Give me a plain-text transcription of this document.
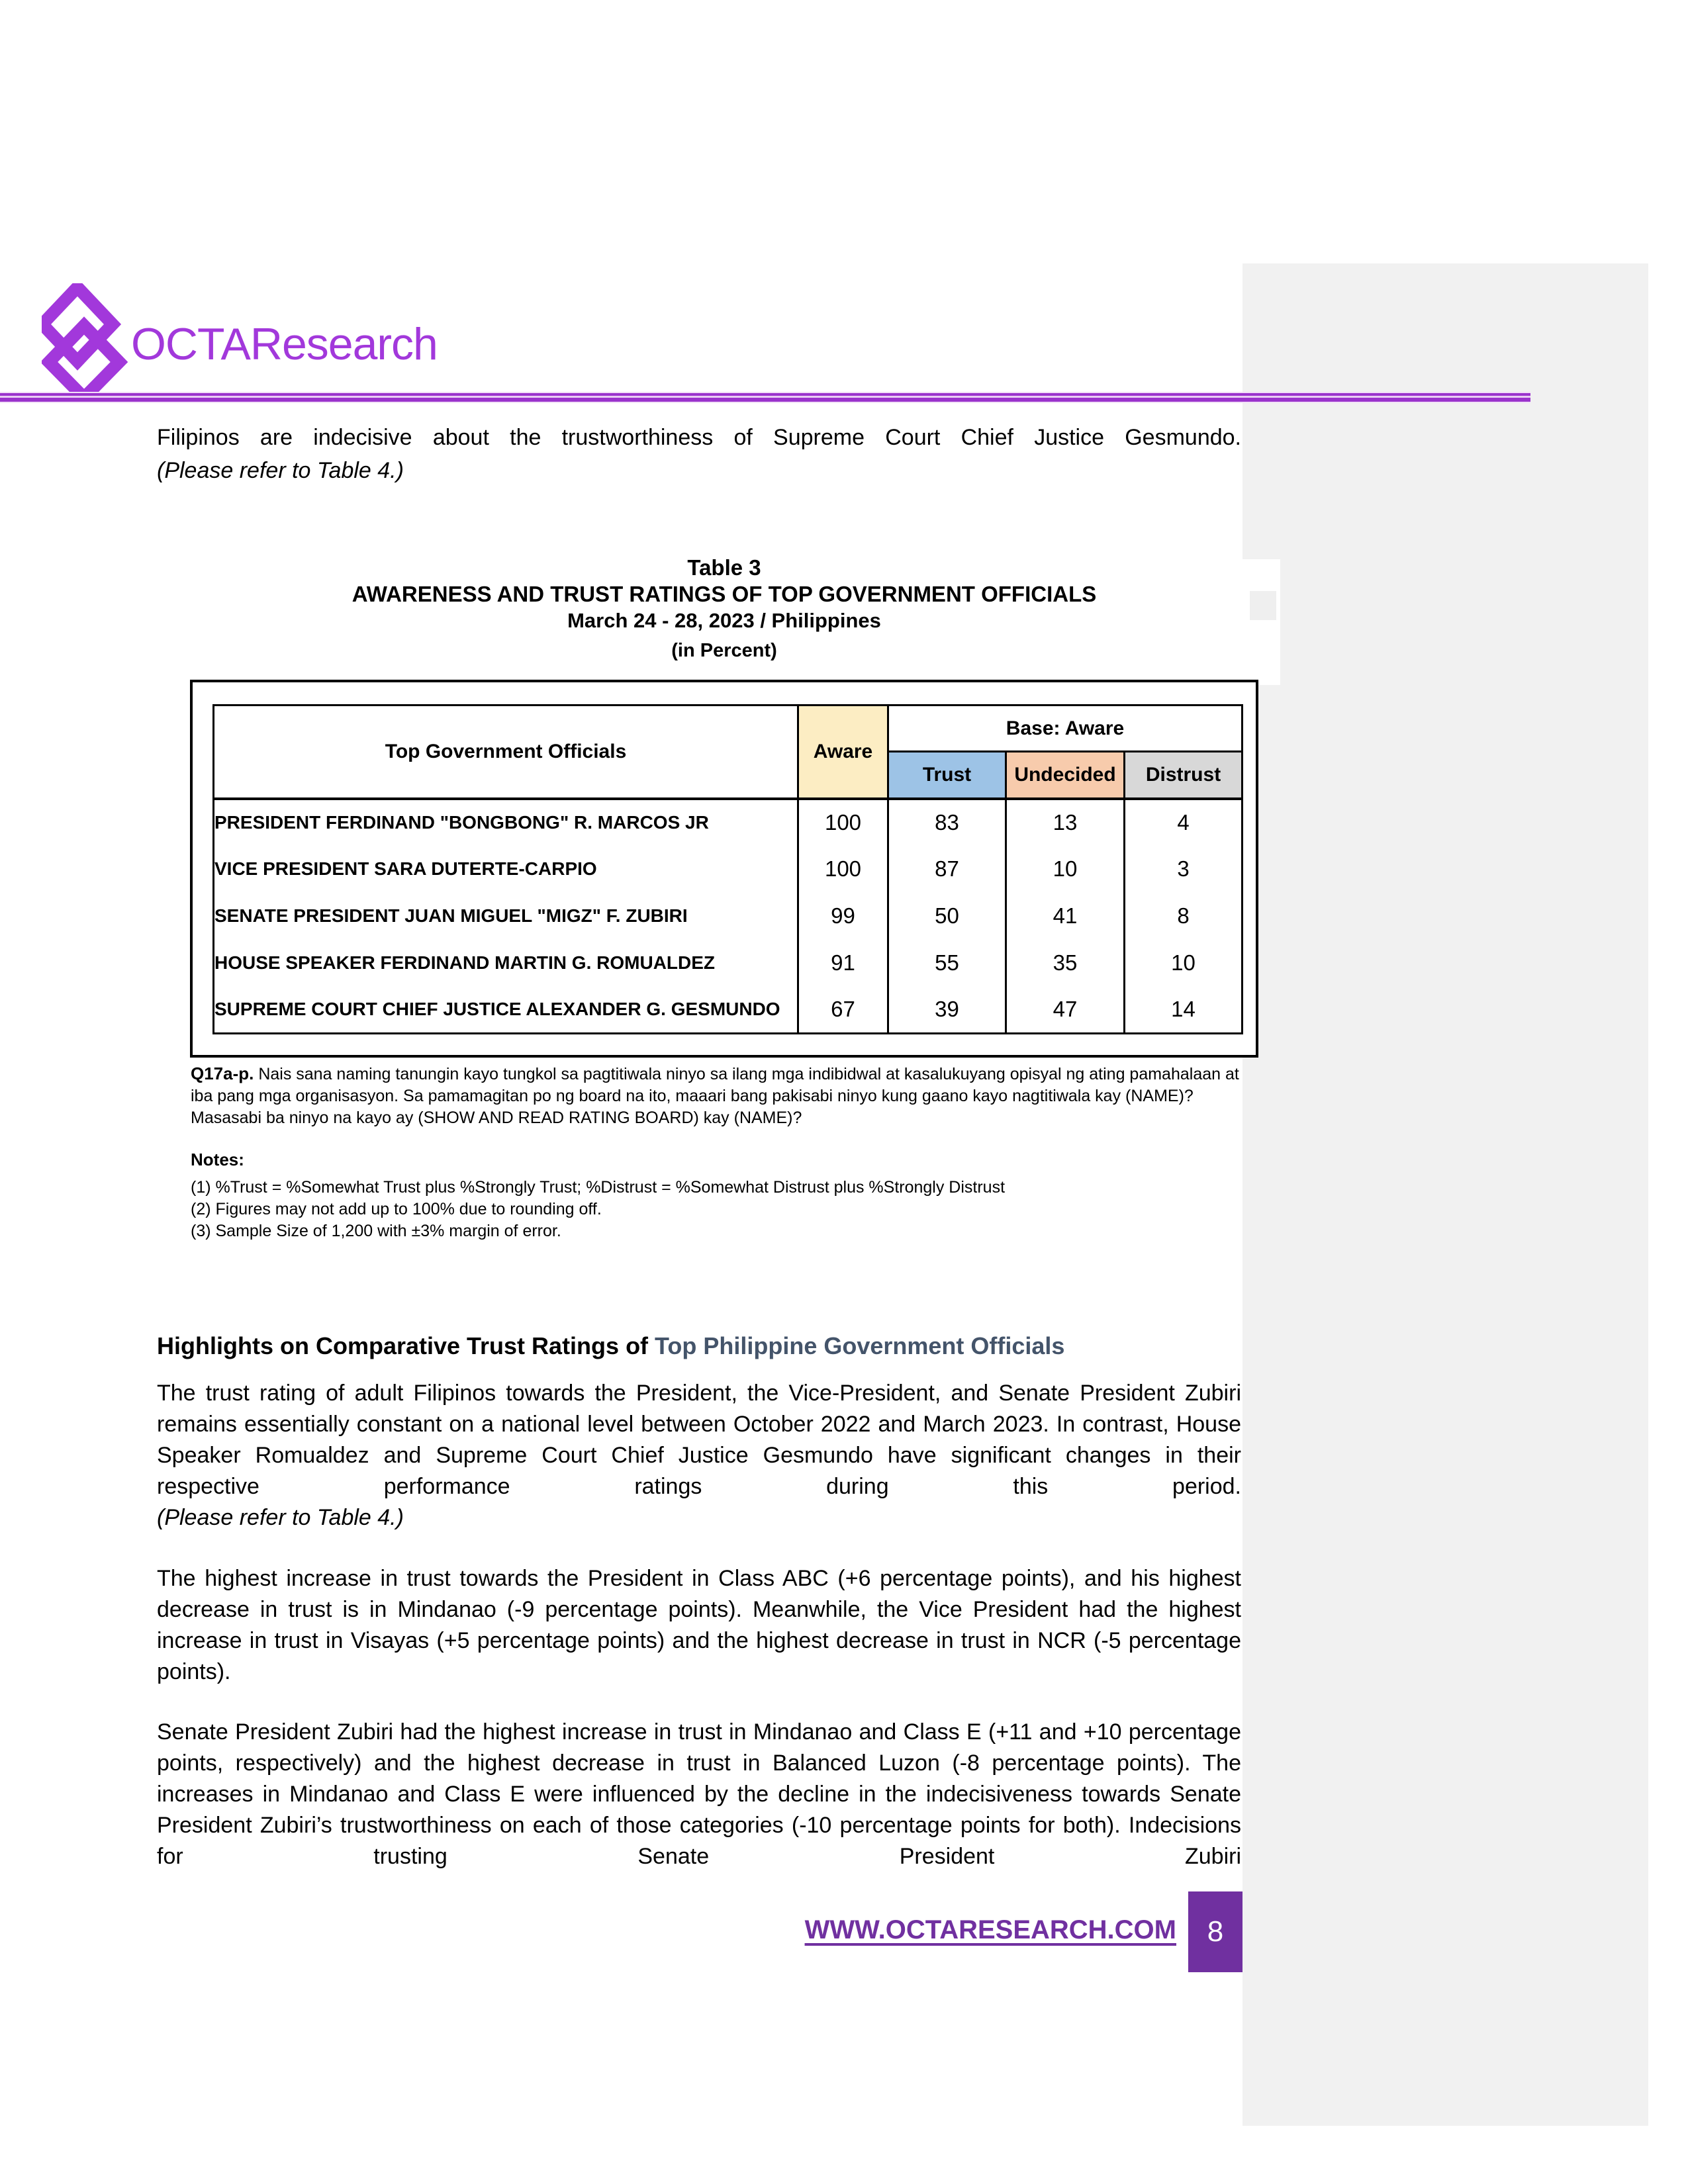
OCTAResearch
Filipinos are indecisive about the trustworthiness of Supreme Court Chief Justice Gesmundo.
(Please refer to Table 4.)
Table 3
AWARENESS AND TRUST RATINGS OF TOP GOVERNMENT OFFICIALS
March 24 - 28, 2023 / Philippines
(in Percent)
Top Government Officials	Aware	Base: Aware		
		Trust	Undecided	Distrust
PRESIDENT FERDINAND "BONGBONG" R. MARCOS JR	100	83	13	4
VICE PRESIDENT SARA DUTERTE-CARPIO	100	87	10	3
SENATE PRESIDENT JUAN MIGUEL "MIGZ" F. ZUBIRI	99	50	41	8
HOUSE SPEAKER FERDINAND MARTIN G. ROMUALDEZ	91	55	35	10
SUPREME COURT CHIEF JUSTICE ALEXANDER G. GESMUNDO	67	39	47	14
Q17a-p. Nais sana naming tanungin kayo tungkol sa pagtitiwala ninyo sa ilang mga indibidwal at kasalukuyang opisyal ng ating pamahalaan at iba pang mga organisasyon. Sa pamamagitan po ng board na ito, maaari bang pakisabi ninyo kung gaano kayo nagtitiwala kay (NAME)? Masasabi ba ninyo na kayo ay (SHOW AND READ RATING BOARD) kay (NAME)?
Notes:
(1) %Trust = %Somewhat Trust plus %Strongly Trust; %Distrust = %Somewhat Distrust plus %Strongly Distrust
(2) Figures may not add up to 100% due to rounding off.
(3) Sample Size of 1,200 with ±3% margin of error.
Highlights on Comparative Trust Ratings of Top Philippine Government Officials
The trust rating of adult Filipinos towards the President, the Vice-President, and Senate President Zubiri remains essentially constant on a national level between October 2022 and March 2023. In contrast, House Speaker Romualdez and Supreme Court Chief Justice Gesmundo have significant changes in their respective performance ratings during this period.
(Please refer to Table 4.)
The highest increase in trust towards the President in Class ABC (+6 percentage points), and his highest decrease in trust is in Mindanao (-9 percentage points). Meanwhile, the Vice President had the highest increase in trust in Visayas (+5 percentage points) and the highest decrease in trust in NCR (-5 percentage points).
Senate President Zubiri had the highest increase in trust in Mindanao and Class E (+11 and +10 percentage points, respectively) and the highest decrease in trust in Balanced Luzon (-8 percentage points). The increases in Mindanao and Class E were influenced by the decline in the indecisiveness towards Senate President Zubiri’s trustworthiness on each of those categories (-10 percentage points for both). Indecisions for trusting Senate President Zubiri
WWW.OCTARESEARCH.COM	8
